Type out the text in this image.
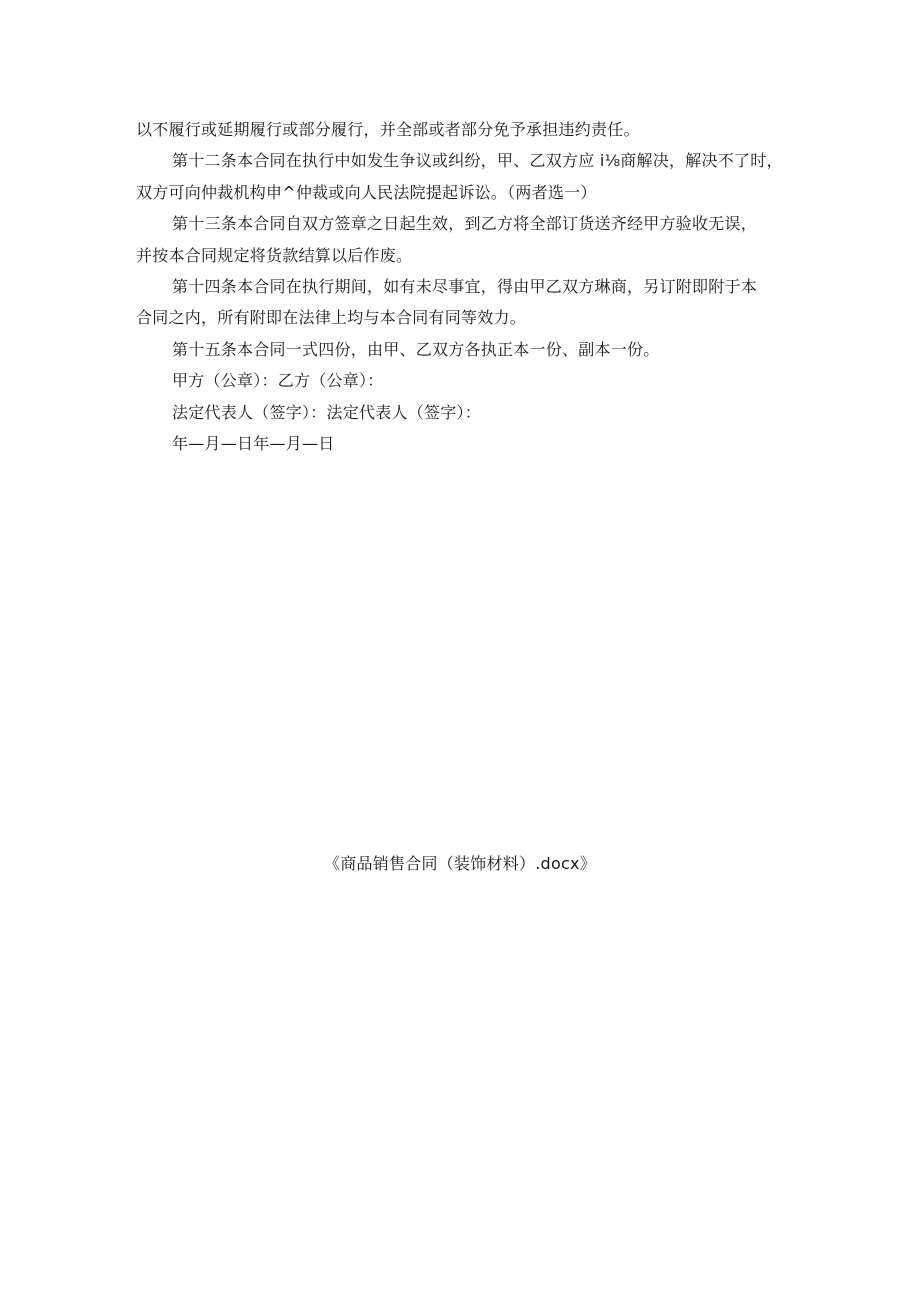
以不履行或延期履行或部分履行，并全部或者部分免予承担违约责任。
第十二条本合同在执行中如发生争议或纠纷，甲、乙双方应 i⅛商解决，解决不了时，
双方可向仲裁机构申^仲裁或向人民法院提起诉讼。（两者选一）
第十三条本合同自双方签章之日起生效，到乙方将全部订货送齐经甲方验收无误，
并按本合同规定将货款结算以后作废。
第十四条本合同在执行期间，如有未尽事宜，得由甲乙双方琳商，另订附即附于本
合同之内，所有附即在法律上均与本合同有同等效力。
第十五条本合同一式四份，由甲、乙双方各执正本一份、副本一份。
甲方（公章）：乙方（公章）：
法定代表人（签字）：法定代表人（签字）：
年—月—日年—月—日
《商品销售合同（装饰材料）.docx》
